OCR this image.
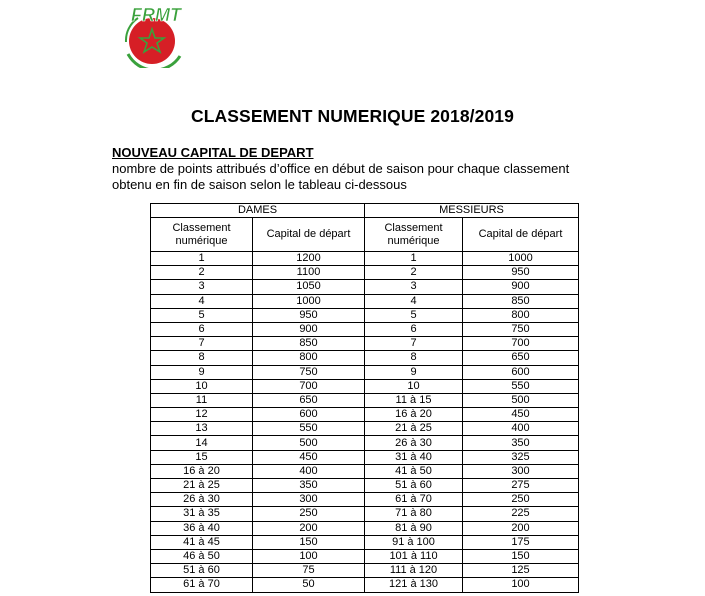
FRMT
CLASSEMENT NUMERIQUE 2018/2019
NOUVEAU CAPITAL DE DEPART
nombre de points attribués d’office en début de saison pour chaque classement obtenu en fin de saison selon le tableau ci-dessous
DAMES		MESSIEURS	
Classement numérique	Capital de départ	Classement numérique	Capital de départ
1	1200	1	1000
2	1100	2	950
3	1050	3	900
4	1000	4	850
5	950	5	800
6	900	6	750
7	850	7	700
8	800	8	650
9	750	9	600
10	700	10	550
11	650	11 à 15	500
12	600	16 à 20	450
13	550	21 à 25	400
14	500	26 à 30	350
15	450	31 à 40	325
16 à 20	400	41 à 50	300
21 à 25	350	51 à 60	275
26 à 30	300	61 à 70	250
31 à 35	250	71 à 80	225
36 à 40	200	81 à 90	200
41 à 45	150	91 à 100	175
46 à 50	100	101 à 110	150
51 à 60	75	111 à 120	125
61 à 70	50	121 à 130	100
